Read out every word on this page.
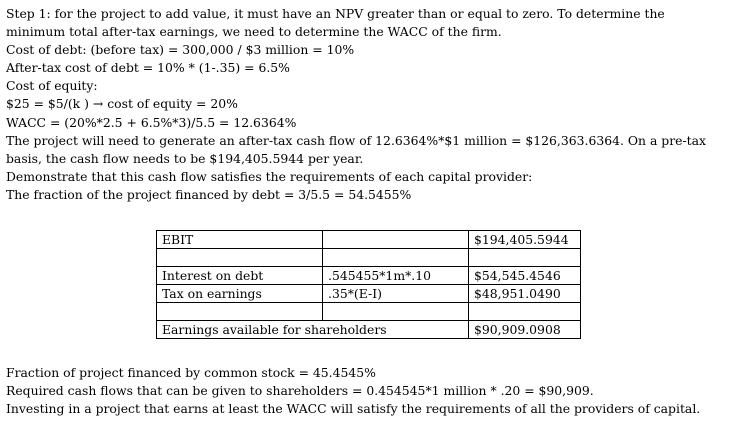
Step 1: for the project to add value, it must have an NPV greater than or equal to zero. To determine the
minimum total after-tax earnings, we need to determine the WACC of the firm.
Cost of debt: (before tax) = 300,000 / $3 million = 10%
After-tax cost of debt = 10% * (1-.35) = 6.5%
Cost of equity:
$25 = $5/(k ) → cost of equity = 20%
WACC = (20%*2.5 + 6.5%*3)/5.5 = 12.6364%
The project will need to generate an after-tax cash flow of 12.6364%*$1 million = $126,363.6364. On a pre-tax
basis, the cash flow needs to be $194,405.5944 per year.
Demonstrate that this cash flow satisfies the requirements of each capital provider:
The fraction of the project financed by debt = 3/5.5 = 54.5455%
EBIT		$194,405.5944

Interest on debt	.545455*1m*.10	$54,545.4546
Tax on earnings	.35*(E-I)	$48,951.0490

Earnings available for shareholders		$90,909.0908
Fraction of project financed by common stock = 45.4545%
Required cash flows that can be given to shareholders = 0.454545*1 million * .20 = $90,909.
Investing in a project that earns at least the WACC will satisfy the requirements of all the providers of capital.
